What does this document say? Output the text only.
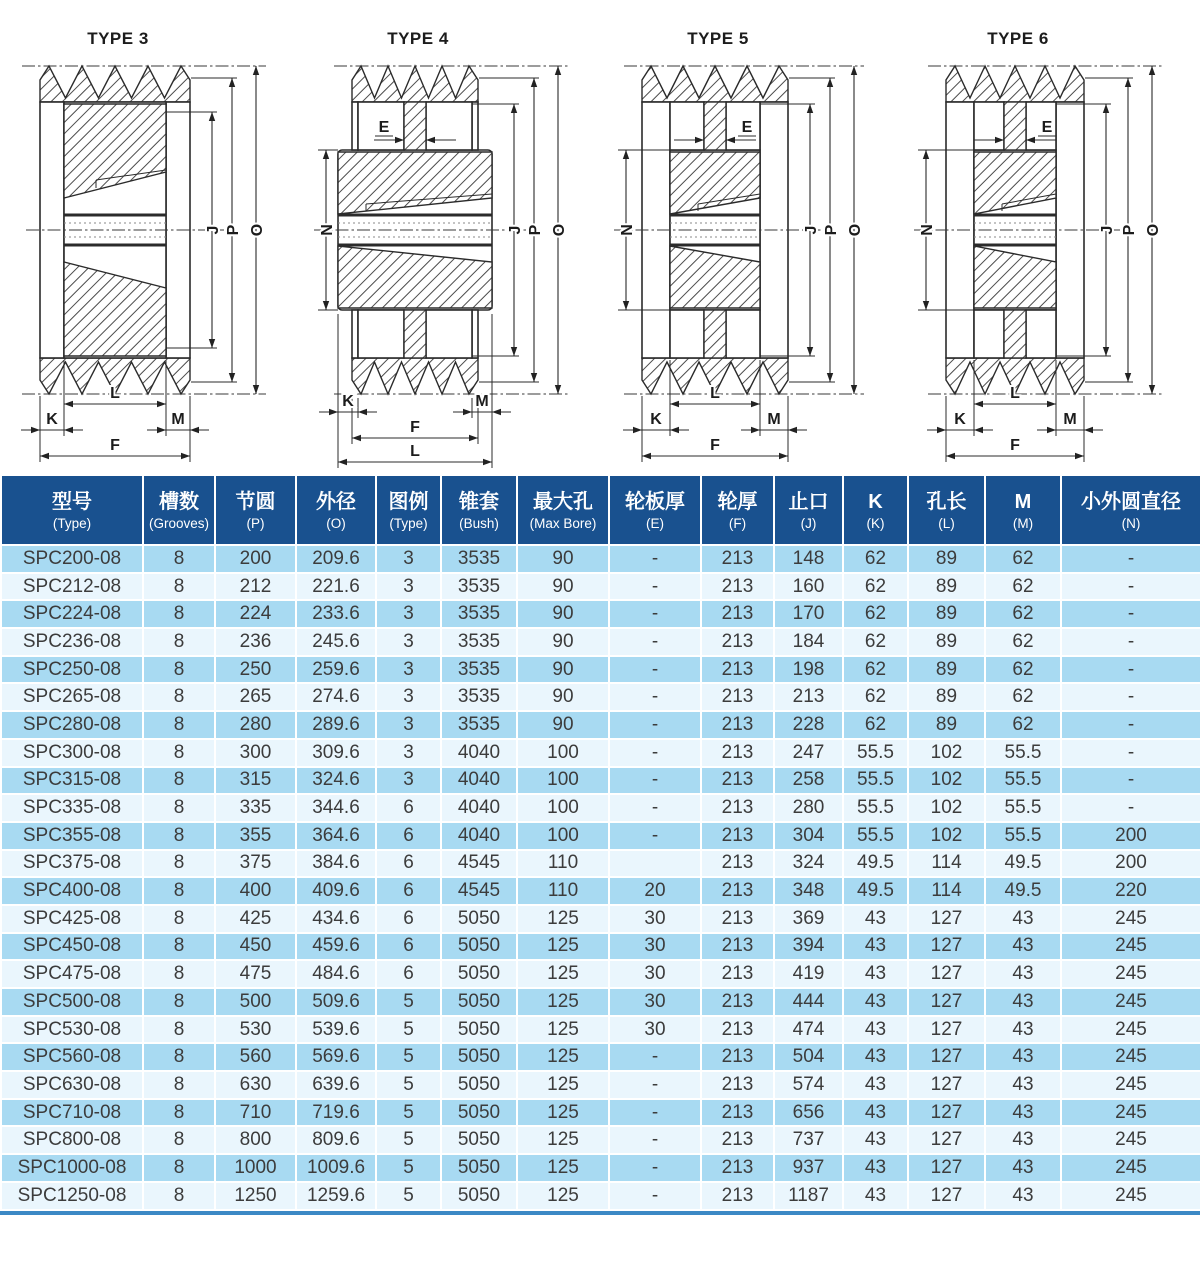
TYPE 3
J P O
L
K	M
F
TYPE 4
J P O
N
E
K	M
F
L
TYPE 5
J P O
N
E
L
K	M
F
TYPE 6
J P O
N
E
L
K	M
F
型号
(Type)

槽数
(Grooves)

节圆
(P)

外径
(O)

图例
(Type)

锥套
(Bush)

最大孔
(Max Bore)

轮板厚
(E)

轮厚
(F)

止口
(J)

K
(K)

孔长
(L)

M
(M)

小外圆直径
(N)

SPC200-08	8	200	209.6	3	3535	90	-	213	148	62	89	62	-
SPC212-08	8	212	221.6	3	3535	90	-	213	160	62	89	62	-
SPC224-08	8	224	233.6	3	3535	90	-	213	170	62	89	62	-
SPC236-08	8	236	245.6	3	3535	90	-	213	184	62	89	62	-
SPC250-08	8	250	259.6	3	3535	90	-	213	198	62	89	62	-
SPC265-08	8	265	274.6	3	3535	90	-	213	213	62	89	62	-
SPC280-08	8	280	289.6	3	3535	90	-	213	228	62	89	62	-
SPC300-08	8	300	309.6	3	4040	100	-	213	247	55.5	102	55.5	-
SPC315-08	8	315	324.6	3	4040	100	-	213	258	55.5	102	55.5	-
SPC335-08	8	335	344.6	6	4040	100	-	213	280	55.5	102	55.5	-
SPC355-08	8	355	364.6	6	4040	100	-	213	304	55.5	102	55.5	200
SPC375-08	8	375	384.6	6	4545	110		213	324	49.5	114	49.5	200
SPC400-08	8	400	409.6	6	4545	110	20	213	348	49.5	114	49.5	220
SPC425-08	8	425	434.6	6	5050	125	30	213	369	43	127	43	245
SPC450-08	8	450	459.6	6	5050	125	30	213	394	43	127	43	245
SPC475-08	8	475	484.6	6	5050	125	30	213	419	43	127	43	245
SPC500-08	8	500	509.6	5	5050	125	30	213	444	43	127	43	245
SPC530-08	8	530	539.6	5	5050	125	30	213	474	43	127	43	245
SPC560-08	8	560	569.6	5	5050	125	-	213	504	43	127	43	245
SPC630-08	8	630	639.6	5	5050	125	-	213	574	43	127	43	245
SPC710-08	8	710	719.6	5	5050	125	-	213	656	43	127	43	245
SPC800-08	8	800	809.6	5	5050	125	-	213	737	43	127	43	245
SPC1000-08	8	1000	1009.6	5	5050	125	-	213	937	43	127	43	245
SPC1250-08	8	1250	1259.6	5	5050	125	-	213	1187	43	127	43	245
